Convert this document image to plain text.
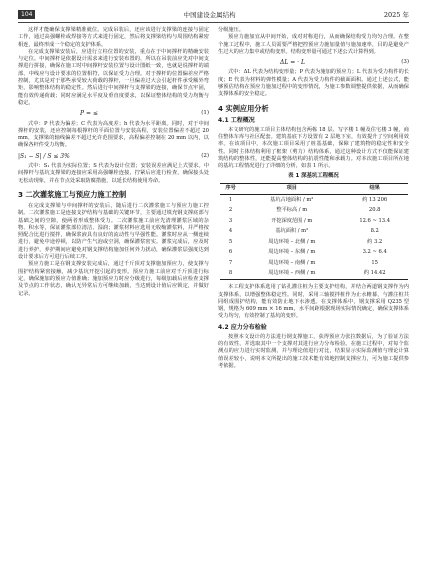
104	中国建设金属结构	2025 年

这样才能确保支撑梁精准就位。完成吊装后，还应该进行支撑梁的连接与固定工作，通过高强螺栓或焊接等方式来进行固定，然后将支撑梁结构与周围结构紧密相连，最终形成一个稳定的支护体系。

在完成支撑梁安装后，应进行立柱位置的安装，重点在于中间撑杆的精确安装与定位。中间撑杆是依据设计需求来进行安装布置的，所以在吊装前应先对中间支撑进行拼接，确保在施工时中间撑杆安装位置与设计图纸一致，也就是说撑杆的端部、中线应与设计要求的位置相符，以保证受力合理。对于撑杆的位置偏差应严格控制，尤其是对于那些承受较大荷载的撑杆，一旦偏差过大会引起杆件承受额外弯矩，影响整体结构的稳定性。然后进行中间撑杆与支撑梁的连接，确保节点牢固，能有效传递荷载；同时应满足水平度及垂直度要求，以保证整体结构的受力均衡与稳定。

P = ≤	(1)

式中：P 代表为偏差；C 代表为高度差；h 代表为水平距离。同时，对于中间撑杆的安装，还应控制每根撑杆的平面位置与安装高程，安装位置偏差不超过 20 mm，支撑梁的轴线偏差不超过允许范围要求，高程偏差控制在 20 mm 以内，以确保各杆件受力均衡。

|S₁ − S| / S ≤ 3%	(2)

式中：S₁ 代表为实际位置；S 代表为设计位置；安装误差应满足上式要求。中间撑杆与基坑支撑梁的连接应采用高强螺栓连接，拧紧后应进行检查，确保接头处无松动现象，并在节点处采取防腐措施，以延长结构使用寿命。

3 二次灌浆施工与预应力施工控制

在完成支撑梁与中间撑杆的安装后，随后进行二次灌浆施工与预应力施工控制。二次灌浆施工是连接支护结构与基础的关键环节，主要通过填充钢支撑底部与基础之间的空隙，使两者形成整体受力。二次灌浆施工前应先清理灌浆区域的杂物、积水等，保证灌浆部位清洁、湿润；灌浆材料应选用无收缩灌浆料，并严格按照配合比进行搅拌，确保浆液具有良好的流动性与早强性能。灌浆时应从一侧连续进行，避免中途停顿，以防产生气泡或空洞，确保灌浆密实。灌浆完成后，应及时进行养护，养护期间应避免对钢支撑结构施加任何外力扰动，确保灌浆层强度达到设计要求后方可进行后续工序。

预应力施工是在钢支撑安装完成后，通过千斤顶对支撑施加预应力，使支撑与围护结构紧密接触，减少基坑开挖引起的变形。预应力施工前应对千斤顶进行标定，确保施加的预应力值准确；施加预应力时应分级进行，每级加载后应检查支撑及节点的工作状态，确认无异常后方可继续加载，当达到设计值后应锁定，并做好记录。

分级施压。

预应力施加宜从中间开始，成对对称进行，从而确保结构受力均匀合理。在整个施工过程中，施工人员需要严格把控预应力施加量值与施加速率，目的是避免产生过大的应力集中或结构变形。结构变形量可通过下述公式计算得到。

ΔL = · L	(3)

式中：ΔL 代表为结构变形量；P 代表为施加的预应力；L 代表为受力构件的长度；E 代表为材料的弹性模量；A 代表为受力构件的截面面积。通过上述公式，能够预估结构在预应力施加过程中的变形情况，为施工参数调整提供依据，从而确保支撑体系的安全稳定。

4 实例应用分析
4.1 工程概况

本文研究的施工项目主体结构包含两栋 18 层、写字楼 1 幢及住宅楼 3 幢，商住整体车库与社区配套。建筑基底下方设置有 2 层地下室，有效提升了空间利用效率。在该项目中，本次施工项目采用了桩基基础，保障了建筑物的稳定性和安全性。同时主体结构利用了框架（剪力）结构体系，通过这种设计方式不仅能保证建筑结构的整体性，还能提高整体结构的抗震性能和承载力。对本次施工项目所在地的基坑工程情况进行了详细的分析，如表 1 所示。

表 1 深基坑工程概况
序号	项目	结果
1	基坑占地面积 / m²	约 13 206
2	整平标高 / m	20.8
3	开挖深度范围 / m	12.6 ~ 13.4
4	基坑面积 / m²	8.2
5	周边环境 – 北侧 / m	约 3.2
6	周边环境 – 东侧 / m	3.2 ~ 6.4
7	周边环境 – 南侧 / m	15
8	周边环境 – 西侧 / m	约 14.42

本工程支护体系选用了钻孔灌注桩为主要支护结构，并结合两道钢支撑作为内支撑体系，以增强整体稳定性。同时，采用三轴搅拌桩作为止水帷幕，与灌注桩共同组成围护结构，能有效防止地下水渗透。在支撑体系中，钢支撑采用 Q235 型钢，规格为 609 mm × 16 mm，水平间距根据现场实际情况确定，确保支撑体系受力均匀，有效控制了基坑的变形。

4.2 应力分布检验

按照本文设计的方法进行钢支撑施工，获得预应力张拉数据后，为了验证方法的有效性，并选取其中一个支撑对其进行应力分布检验。在施工过程中，对每个监测点的应力进行实时监测，并与理论值进行对比，结果显示实际监测值与理论计算值误差较小，说明本文所提出的施工技术能有效地控制支撑应力，可为施工提供参考依据。
